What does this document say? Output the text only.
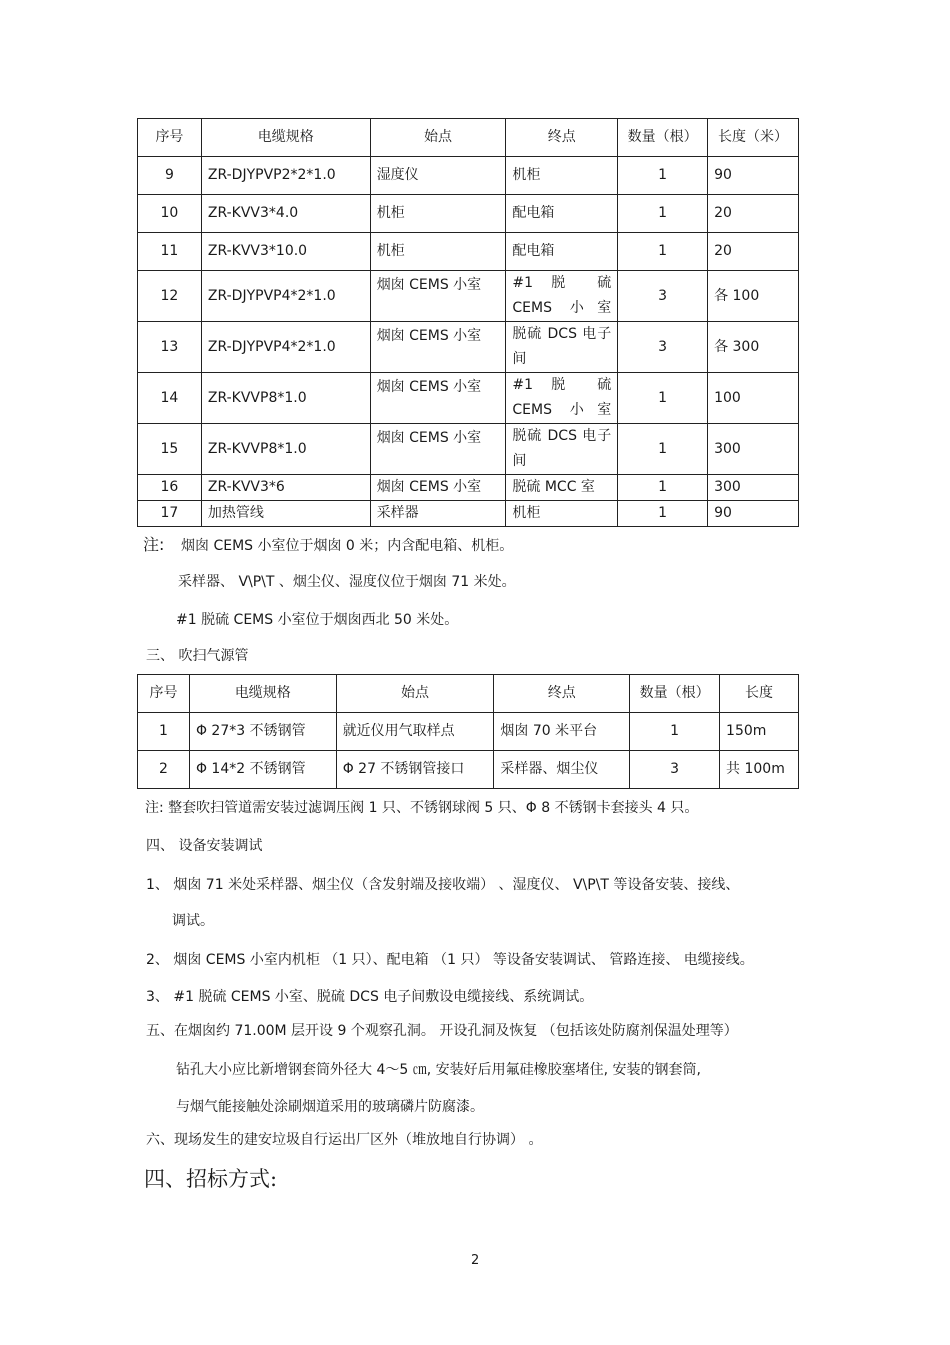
序号	电缆规格	始点	终点	数量（根）	长度（米）
9	ZR-DJYPVP2*2*1.0	湿度仪	机柜	1	90
10	ZR-KVV3*4.0	机柜	配电箱	1	20
11	ZR-KVV3*10.0	机柜	配电箱	1	20
12	ZR-DJYPVP4*2*1.0	烟囱 CEMS 小室	#1 脱 硫 CEMS 小室	3	各 100
13	ZR-DJYPVP4*2*1.0	烟囱 CEMS 小室	脱硫 DCS 电子间	3	各 300
14	ZR-KVVP8*1.0	烟囱 CEMS 小室	#1 脱 硫 CEMS 小室	1	100
15	ZR-KVVP8*1.0	烟囱 CEMS 小室	脱硫 DCS 电子间	1	300
16	ZR-KVV3*6	烟囱 CEMS 小室	脱硫 MCC 室	1	300
17	加热管线	采样器	机柜	1	90
注: 烟囱 CEMS 小室位于烟囱 0 米；内含配电箱、机柜。
采样器、 V\P\T 、烟尘仪、湿度仪位于烟囱 71 米处。
#1 脱硫 CEMS 小室位于烟囱西北 50 米处。
三、 吹扫气源管
序号	电缆规格	始点	终点	数量（根）	长度
1	Φ 27*3 不锈钢管	就近仪用气取样点	烟囱 70 米平台	1	150m
2	Φ 14*2 不锈钢管	Φ 27 不锈钢管接口	采样器、烟尘仪	3	共 100m
注: 整套吹扫管道需安装过滤调压阀 1 只、不锈钢球阀 5 只、Φ 8 不锈钢卡套接头 4 只。
四、 设备安装调试
1、 烟囱 71 米处采样器、烟尘仪（含发射端及接收端） 、湿度仪、 V\P\T 等设备安装、接线、
调试。
2、 烟囱 CEMS 小室内机柜 （1 只）、配电箱 （1 只） 等设备安装调试、 管路连接、 电缆接线。
3、 #1 脱硫 CEMS 小室、脱硫 DCS 电子间敷设电缆接线、系统调试。
五、在烟囱约 71.00M 层开设 9 个观察孔洞。 开设孔洞及恢复 （包括该处防腐剂保温处理等）
钻孔大小应比新增钢套筒外径大 4～5 ㎝, 安装好后用氟硅橡胶塞堵住, 安装的钢套筒,
与烟气能接触处涂刷烟道采用的玻璃磷片防腐漆。
六、现场发生的建安垃圾自行运出厂区外（堆放地自行协调） 。
四、招标方式:
2
